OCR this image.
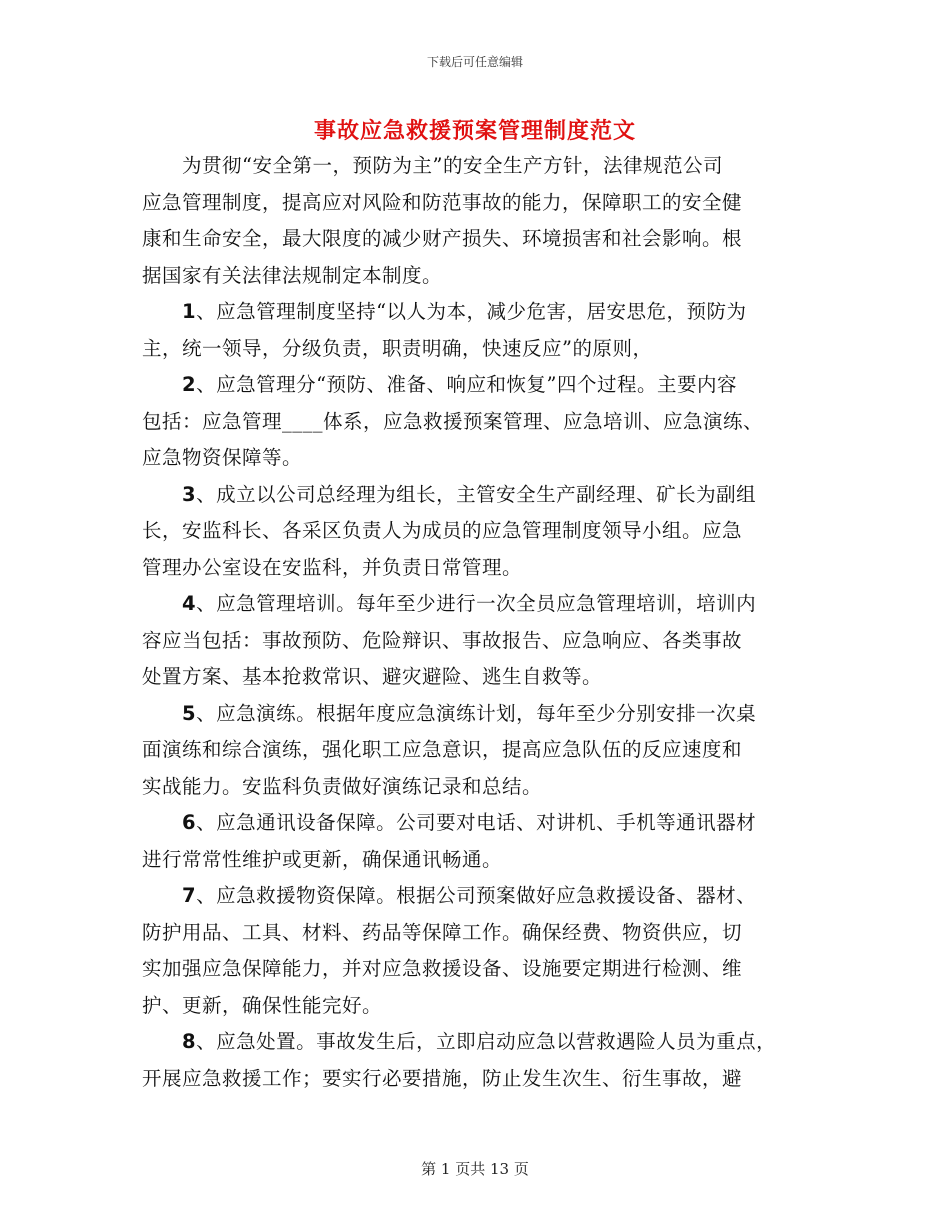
下载后可任意编辑
事故应急救援预案管理制度范文
为贯彻“安全第一，预防为主”的安全生产方针，法律规范公司
应急管理制度，提高应对风险和防范事故的能力，保障职工的安全健
康和生命安全，最大限度的减少财产损失、环境损害和社会影响。根
据国家有关法律法规制定本制度。
1、应急管理制度坚持“以人为本，减少危害，居安思危，预防为
主，统一领导，分级负责，职责明确，快速反应”的原则，
2、应急管理分“预防、准备、响应和恢复”四个过程。主要内容
包括：应急管理____体系，应急救援预案管理、应急培训、应急演练、
应急物资保障等。
3、成立以公司总经理为组长，主管安全生产副经理、矿长为副组
长，安监科长、各采区负责人为成员的应急管理制度领导小组。应急
管理办公室设在安监科，并负责日常管理。
4、应急管理培训。每年至少进行一次全员应急管理培训，培训内
容应当包括：事故预防、危险辩识、事故报告、应急响应、各类事故
处置方案、基本抢救常识、避灾避险、逃生自救等。
5、应急演练。根据年度应急演练计划，每年至少分别安排一次桌
面演练和综合演练，强化职工应急意识，提高应急队伍的反应速度和
实战能力。安监科负责做好演练记录和总结。
6、应急通讯设备保障。公司要对电话、对讲机、手机等通讯器材
进行常常性维护或更新，确保通讯畅通。
7、应急救援物资保障。根据公司预案做好应急救援设备、器材、
防护用品、工具、材料、药品等保障工作。确保经费、物资供应，切
实加强应急保障能力，并对应急救援设备、设施要定期进行检测、维
护、更新，确保性能完好。
8、应急处置。事故发生后，立即启动应急以营救遇险人员为重点，
开展应急救援工作；要实行必要措施，防止发生次生、衍生事故，避
第 1 页共 13 页
